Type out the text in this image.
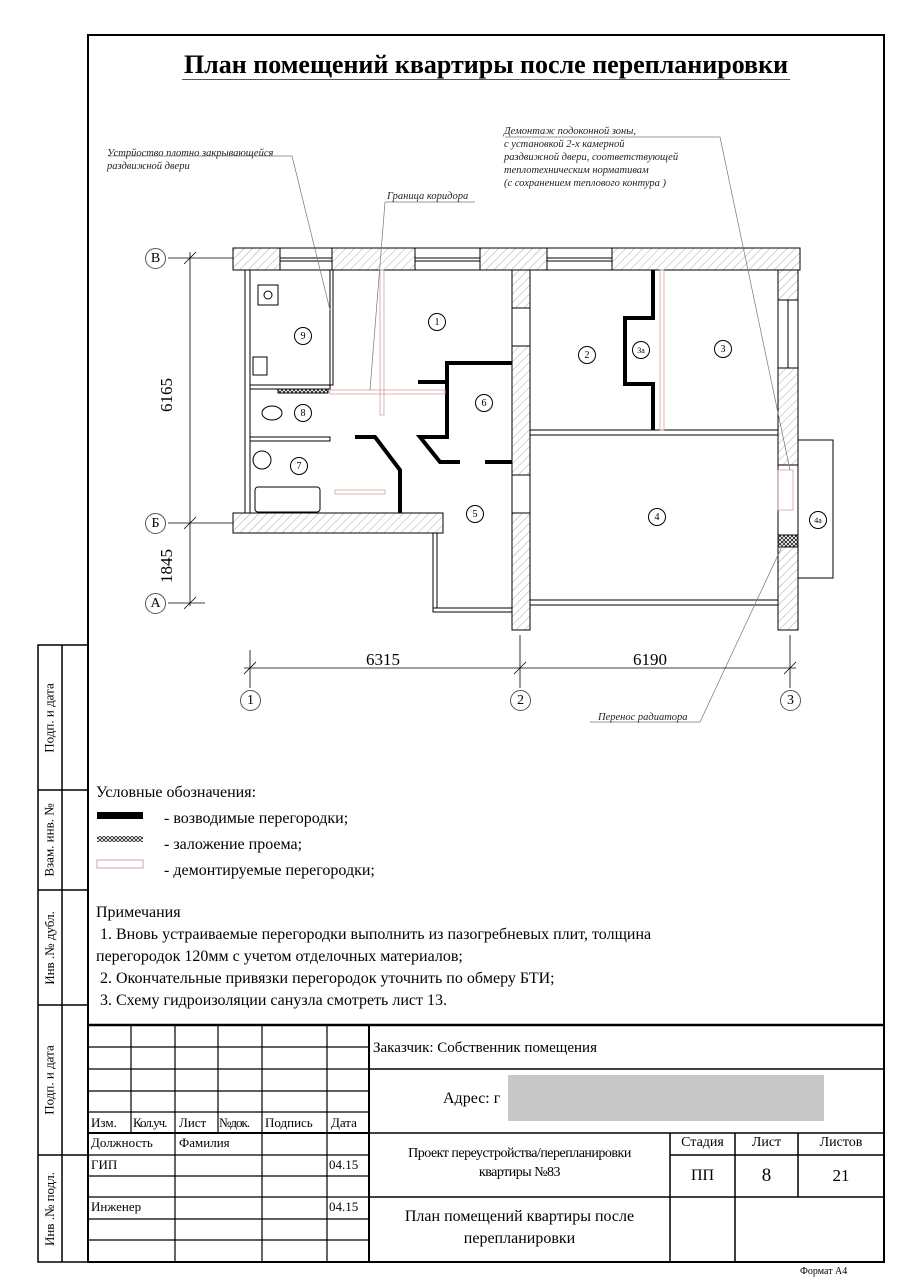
План помещений квартиры после перепланировки
Устрйоство плотно закрывающейся
раздвижной двери
Граница коридора
Демонтаж подоконной зоны,
с установкой 2-х камерной
раздвижной двери, соответствующей
теплотехническим нормативам
(с сохранением теплового контура )
Перенос радиатора
1
2	3а	3
4	4а
5
6
7
8
9
В
Б
А
1	2	3
6165
1845
6315	6190
Условные обозначения:
- возводимые перегородки;
- заложение проема;
- демонтируемые перегородки;
Примечания
1. Вновь устраиваемые перегородки выполнить из пазогребневых плит, толщина
перегородок 120мм с учетом отделочных материалов;
2. Окончательные привязки перегородок уточнить по обмеру БТИ;
3. Схему гидроизоляции санузла смотреть лист 13.
Подп. и дата
Взам. инв. №
Инв .№ дубл.
Подп. и дата
Инв .№ подл.
Изм. Кол.уч. Лист №док. Подпись Дата
Должность Фамилия
ГИП	04.15
Инженер	04.15
Заказчик: Собственник помещения
Адрес: г
Проект переустройства/перепланировки
квартиры №83
План помещений квартиры после
перепланировки
Стадия	Лист	Листов
ПП	8	21
Формат А4
